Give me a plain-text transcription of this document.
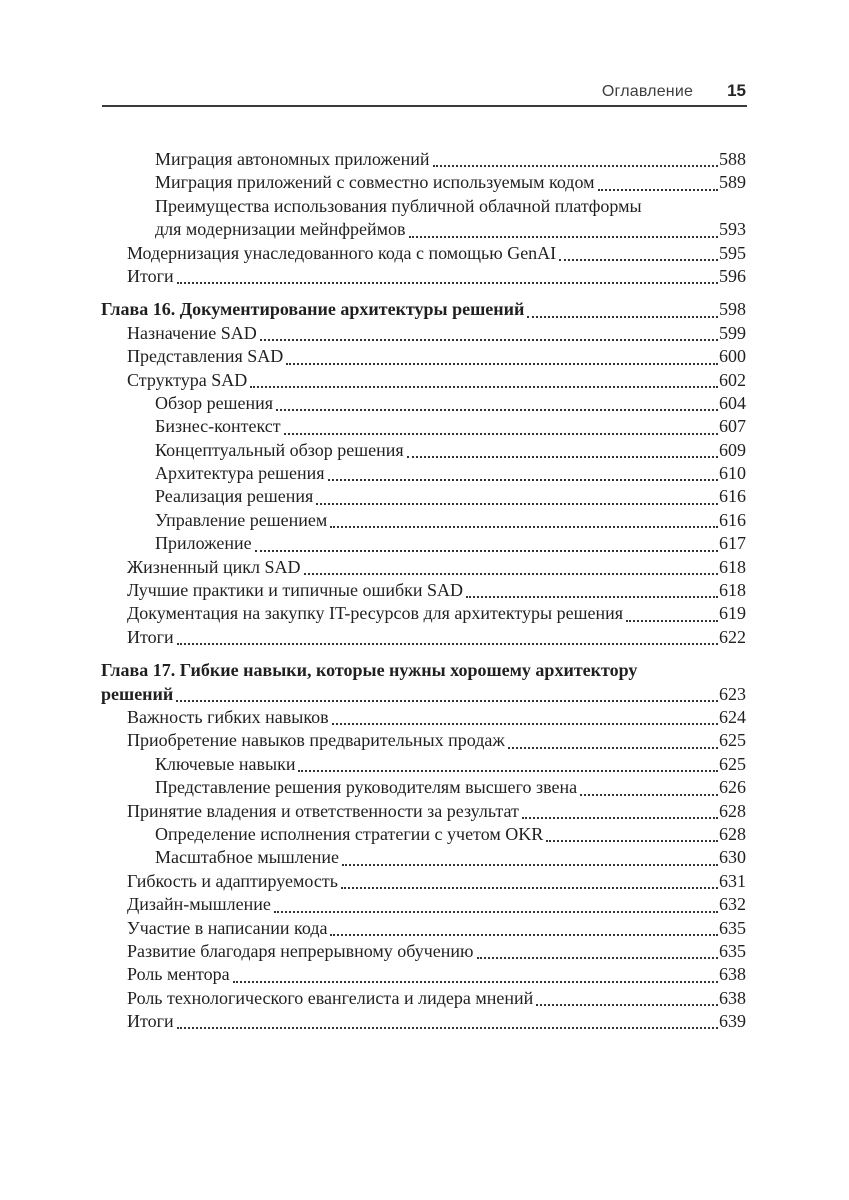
Оглавление 15
Миграция автономных приложений	588
Миграция приложений с совместно используемым кодом	589
Преимущества использования публичной облачной платформы
для модернизации мейнфреймов	593
Модернизация унаследованного кода с помощью GenAI	595
Итоги	596
Глава 16. Документирование архитектуры решений	598
Назначение SAD	599
Представления SAD	600
Структура SAD	602
Обзор решения	604
Бизнес-контекст	607
Концептуальный обзор решения	609
Архитектура решения	610
Реализация решения	616
Управление решением	616
Приложение	617
Жизненный цикл SAD	618
Лучшие практики и типичные ошибки SAD	618
Документация на закупку IT-ресурсов для архитектуры решения	619
Итоги	622
Глава 17. Гибкие навыки, которые нужны хорошему архитектору
решений	623
Важность гибких навыков	624
Приобретение навыков предварительных продаж	625
Ключевые навыки	625
Представление решения руководителям высшего звена	626
Принятие владения и ответственности за результат	628
Определение исполнения стратегии с учетом OKR	628
Масштабное мышление	630
Гибкость и адаптируемость	631
Дизайн-мышление	632
Участие в написании кода	635
Развитие благодаря непрерывному обучению	635
Роль ментора	638
Роль технологического евангелиста и лидера мнений	638
Итоги	639
